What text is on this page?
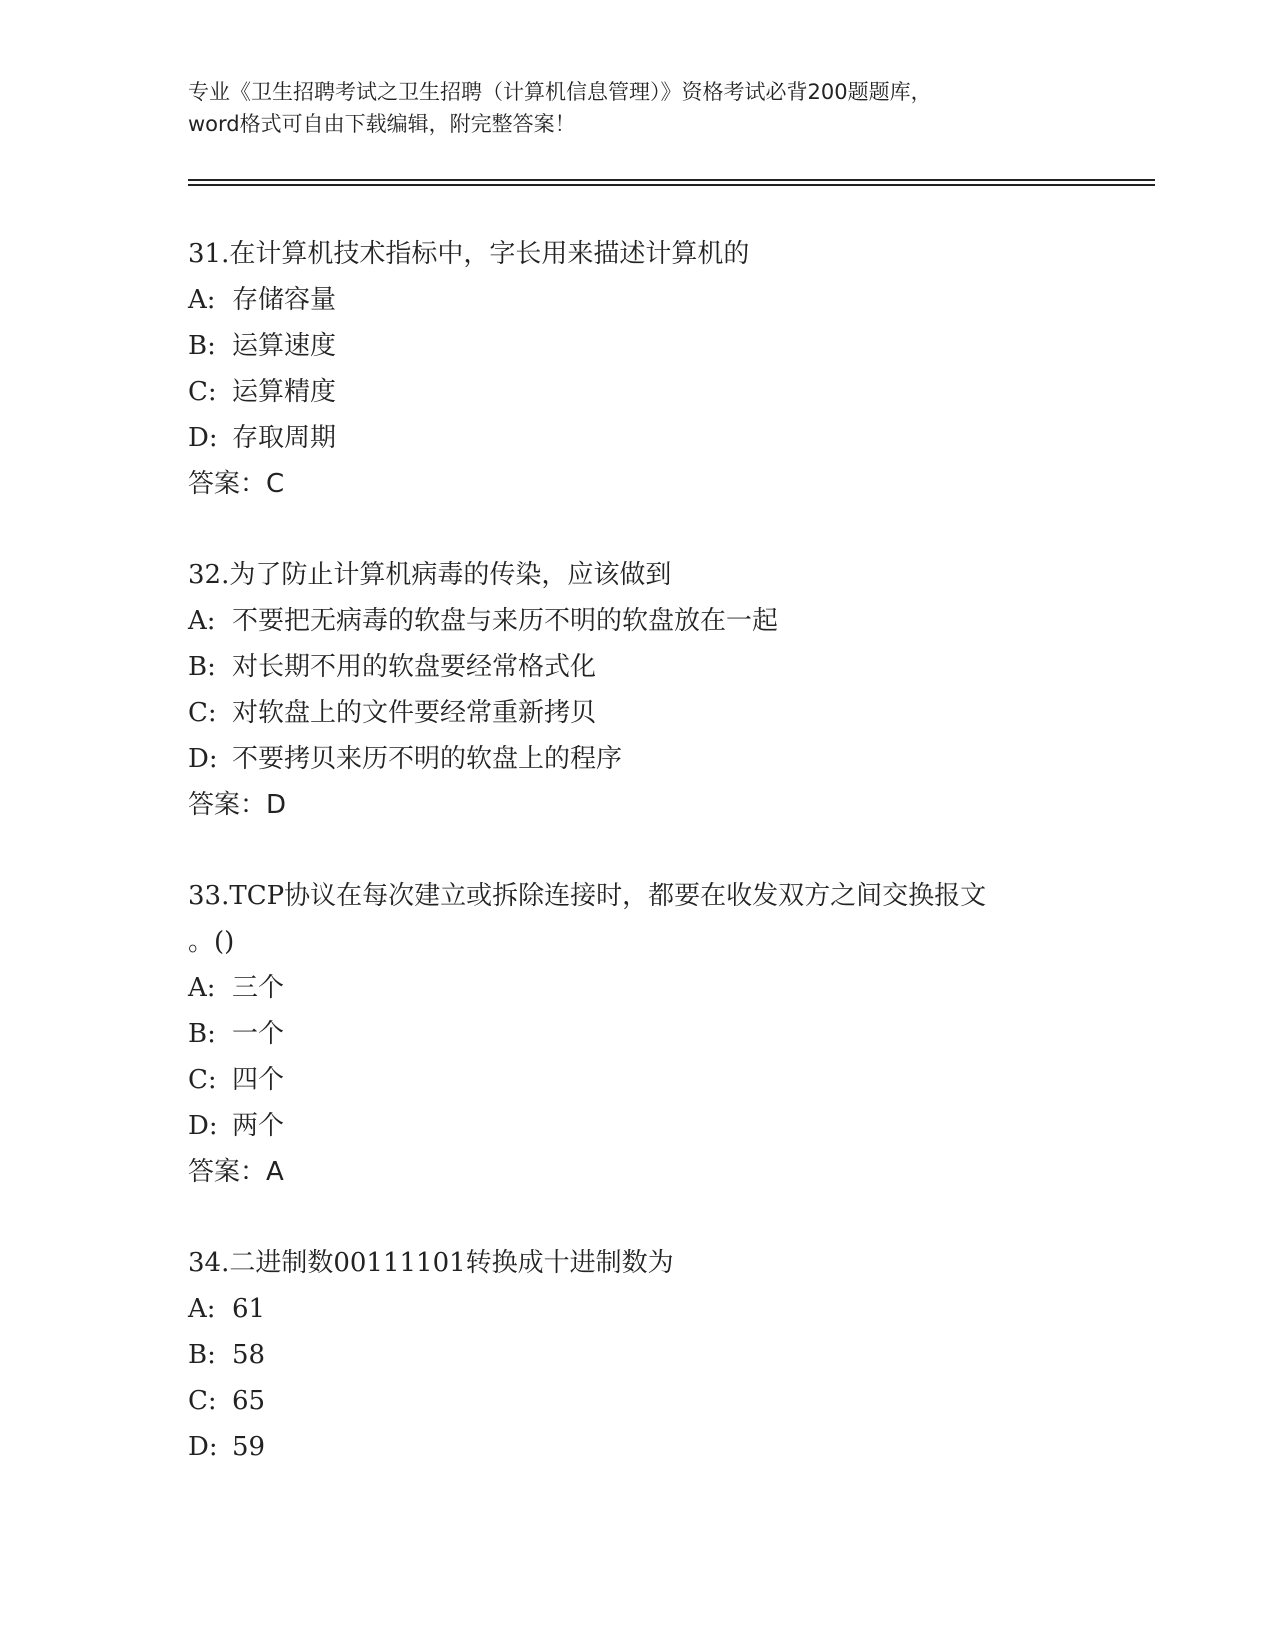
专业《卫生招聘考试之卫生招聘（计算机信息管理）》资格考试必背200题题库，
word格式可自由下载编辑，附完整答案！
31.在计算机技术指标中，字长用来描述计算机的
A: 存储容量
B: 运算速度
C: 运算精度
D: 存取周期
答案：C
32.为了防止计算机病毒的传染，应该做到
A: 不要把无病毒的软盘与来历不明的软盘放在一起
B: 对长期不用的软盘要经常格式化
C: 对软盘上的文件要经常重新拷贝
D: 不要拷贝来历不明的软盘上的程序
答案：D
33.TCP协议在每次建立或拆除连接时，都要在收发双方之间交换报文
。()
A: 三个
B: 一个
C: 四个
D: 两个
答案：A
34.二进制数00111101转换成十进制数为
A: 61
B: 58
C: 65
D: 59
